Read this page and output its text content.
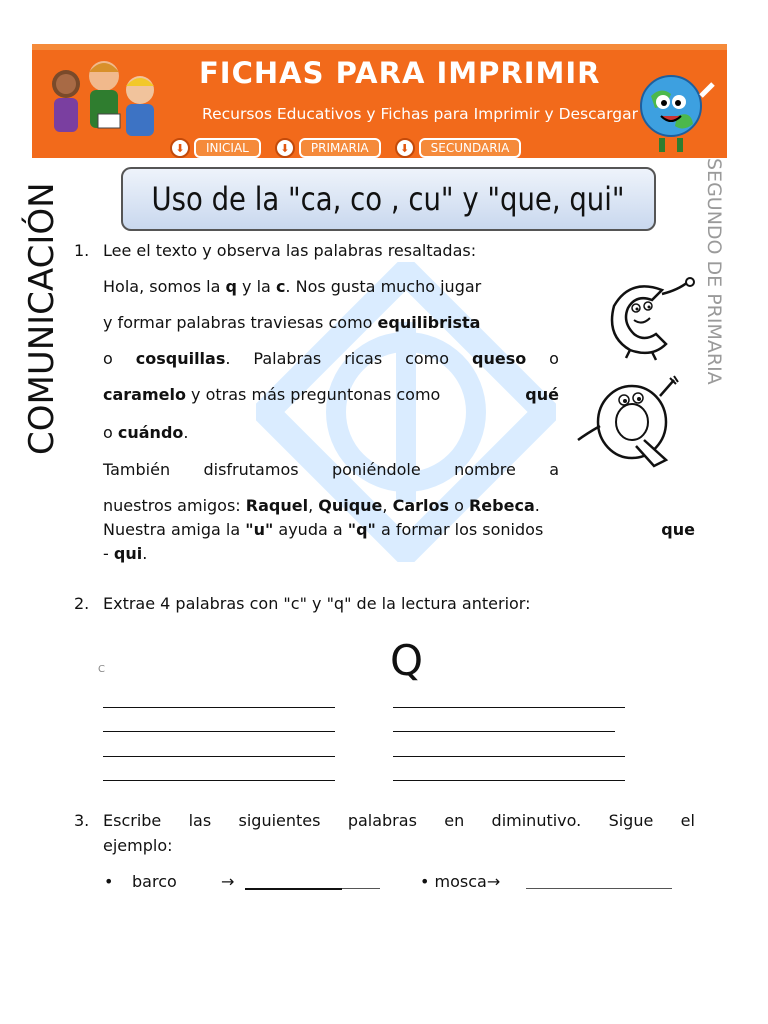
FICHAS PARA IMPRIMIR
Recursos Educativos y Fichas para Imprimir y Descargar
⬇	INICIAL	⬇	PRIMARIA	⬇	SECUNDARIA
COMUNICACIÓN	SEGUNDO DE PRIMARIA
Uso de la "ca, co , cu" y "que, qui"
1. Lee el texto y observa las palabras resaltadas:
Hola, somos la q y la c. Nos gusta mucho jugar
y formar palabras traviesas como equilibrista
o cosquillas. Palabras ricas como queso o
caramelo y otras más preguntonas como	qué
o cuándo.
También disfrutamos poniéndole nombre a
nuestros amigos: Raquel, Quique, Carlos o Rebeca.
Nuestra amiga la "u" ayuda a "q" a formar los sonidos	que
- qui.
2. Extrae 4 palabras con "c" y "q" de la lectura anterior:
C	Q
3. Escribe las siguientes palabras en diminutivo. Sigue el
ejemplo:
• barco	→	• mosca→
